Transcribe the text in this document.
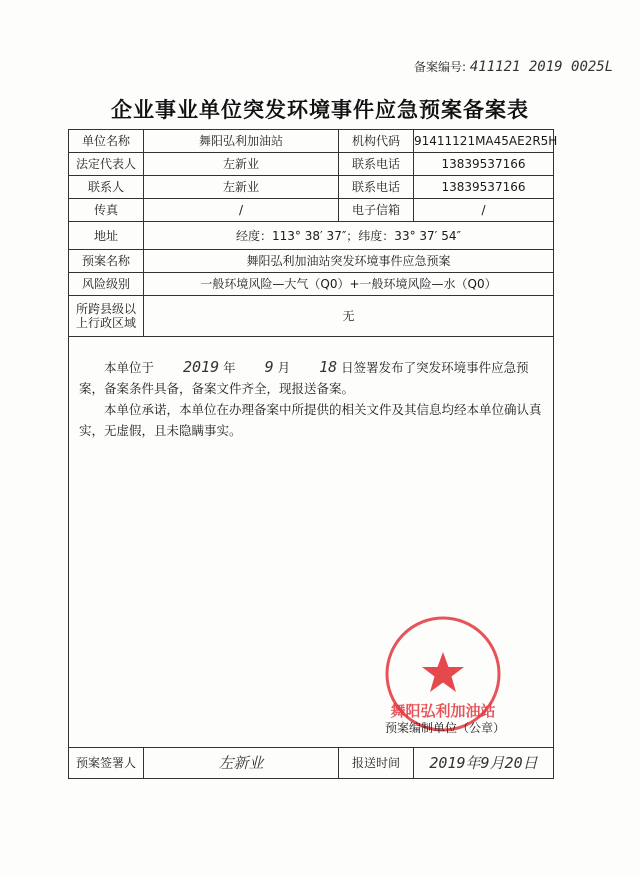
备案编号: 411121 2019 0025L
企业事业单位突发环境事件应急预案备案表
单位名称	舞阳弘利加油站	机构代码	91411121MA45AE2R5H
法定代表人	左新业	联系电话	13839537166
联系人	左新业	联系电话	13839537166
传真	/	电子信箱	/
地址	经度：113° 38′ 37″；纬度：33° 37′ 54″		
预案名称	舞阳弘利加油站突发环境事件应急预案		
风险级别	一般环境风险—大气（Q0）+一般环境风险—水（Q0）		

所跨县级以
上行政区域	无		

本单位于 2019 年 9 月 18 日签署发布了突发环境事件应急预案，备案条件具备，备案文件齐全，现报送备案。

本单位承诺，本单位在办理备案中所提供的相关文件及其信息均经本单位确认真实，无虚假，且未隐瞒事实。

舞阳弘利加油站
预案编制单位（公章）			

预案签署人	左新业	报送时间	2019年9月20日
